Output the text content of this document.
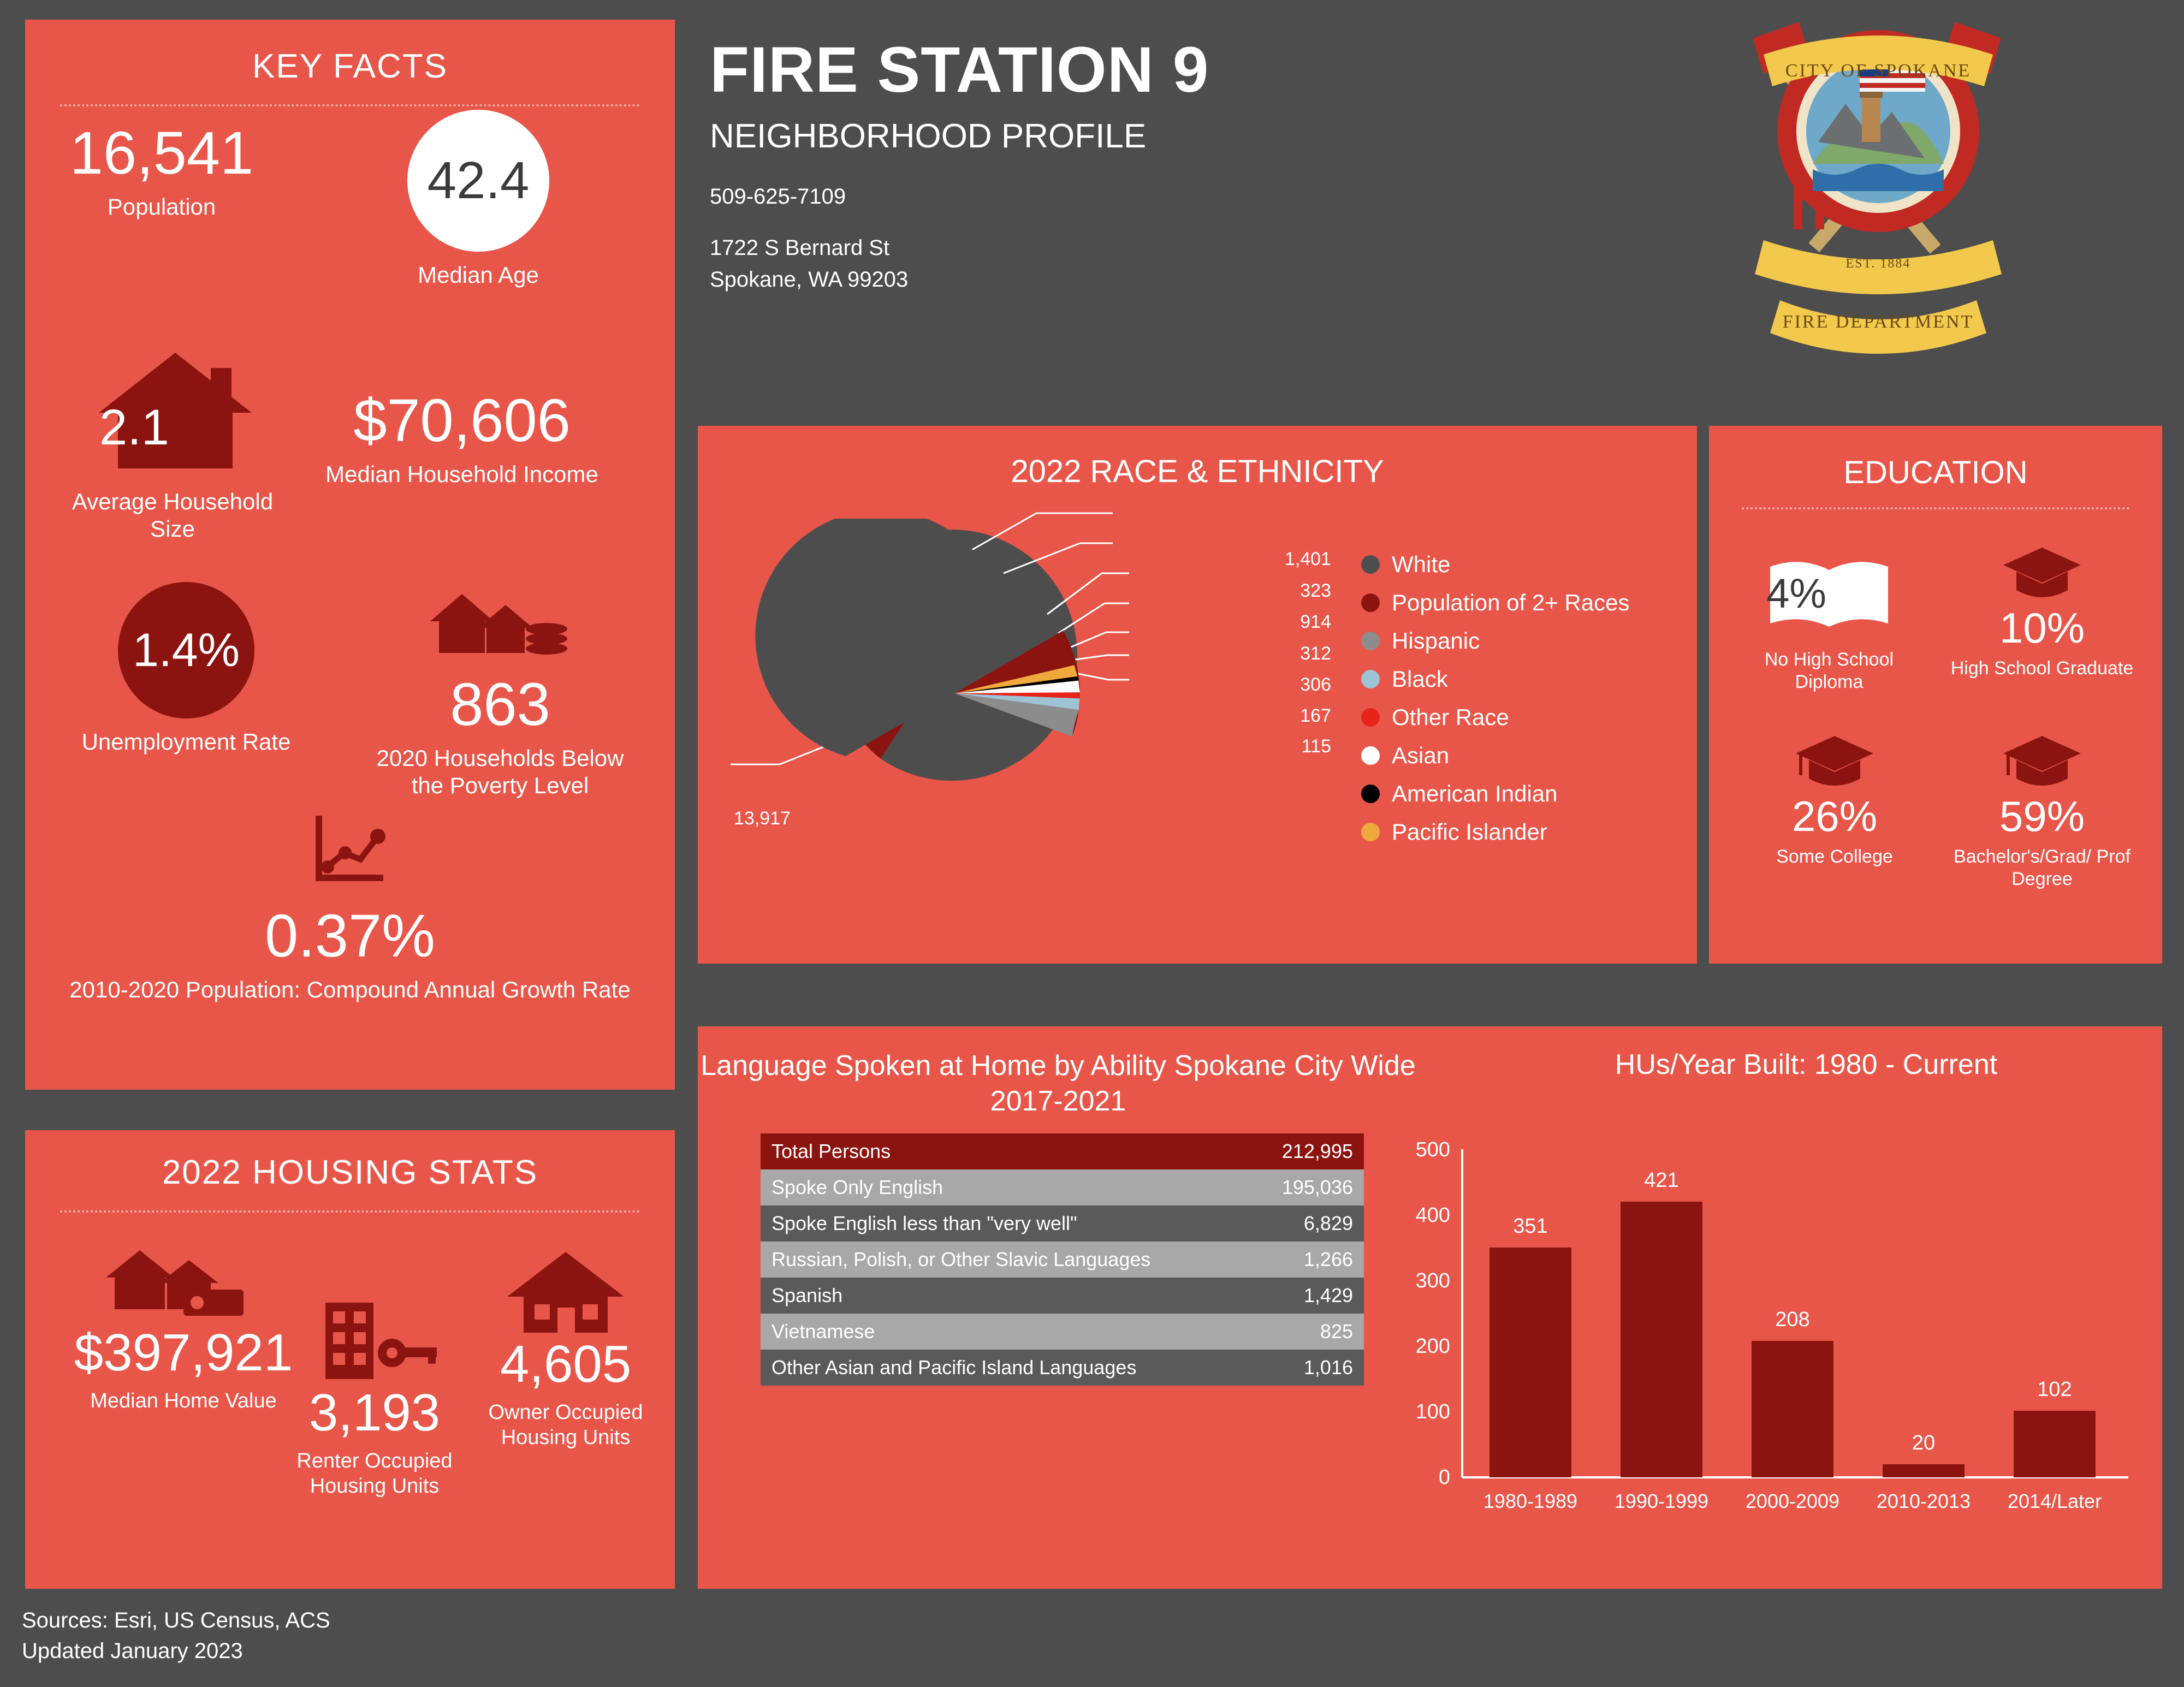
KEY FACTS
16,541
Population	42.4
Median Age
2.1
Average Household Size
$70,606
Median Household Income
1.4%
Unemployment Rate
863
2020 Households Below the Poverty Level
0.37%
2010-2020 Population: Compound Annual Growth Rate
2022 HOUSING STATS
$397,921
Median Home Value 3,193
Renter Occupied Housing Units
4,605
Owner Occupied Housing Units
FIRE STATION 9
NEIGHBORHOOD PROFILE
509-625-7109
1722 S Bernard St
Spokane, WA 99203
CITY OF SPOKANE
EST. 1884
FIRE DEPARTMENT
2022 RACE & ETHNICITY
1,401
323
914
312
306
167
115
13,917
White
Population of 2+ Races
Hispanic
Black
Other Race
Asian
American Indian
Pacific Islander
EDUCATION
4%
No High School Diploma
10%
High School Graduate
26%
Some College
59%
Bachelor's/Grad/ Prof Degree
Language Spoken at Home by Ability Spokane City Wide 2017-2021
Total Persons	212,995
Spoke Only English	195,036
Spoke English less than "very well"	6,829
Russian, Polish, or Other Slavic Languages	1,266
Spanish	1,429
Vietnamese	825
Other Asian and Pacific Island Languages	1,016
HUs/Year Built: 1980 - Current
500
400
300
200
100
0
351
421
208
20
102
1980-1989 1990-1999 2000-2009 2010-2013 2014/Later
Sources: Esri, US Census, ACS
Updated January 2023
